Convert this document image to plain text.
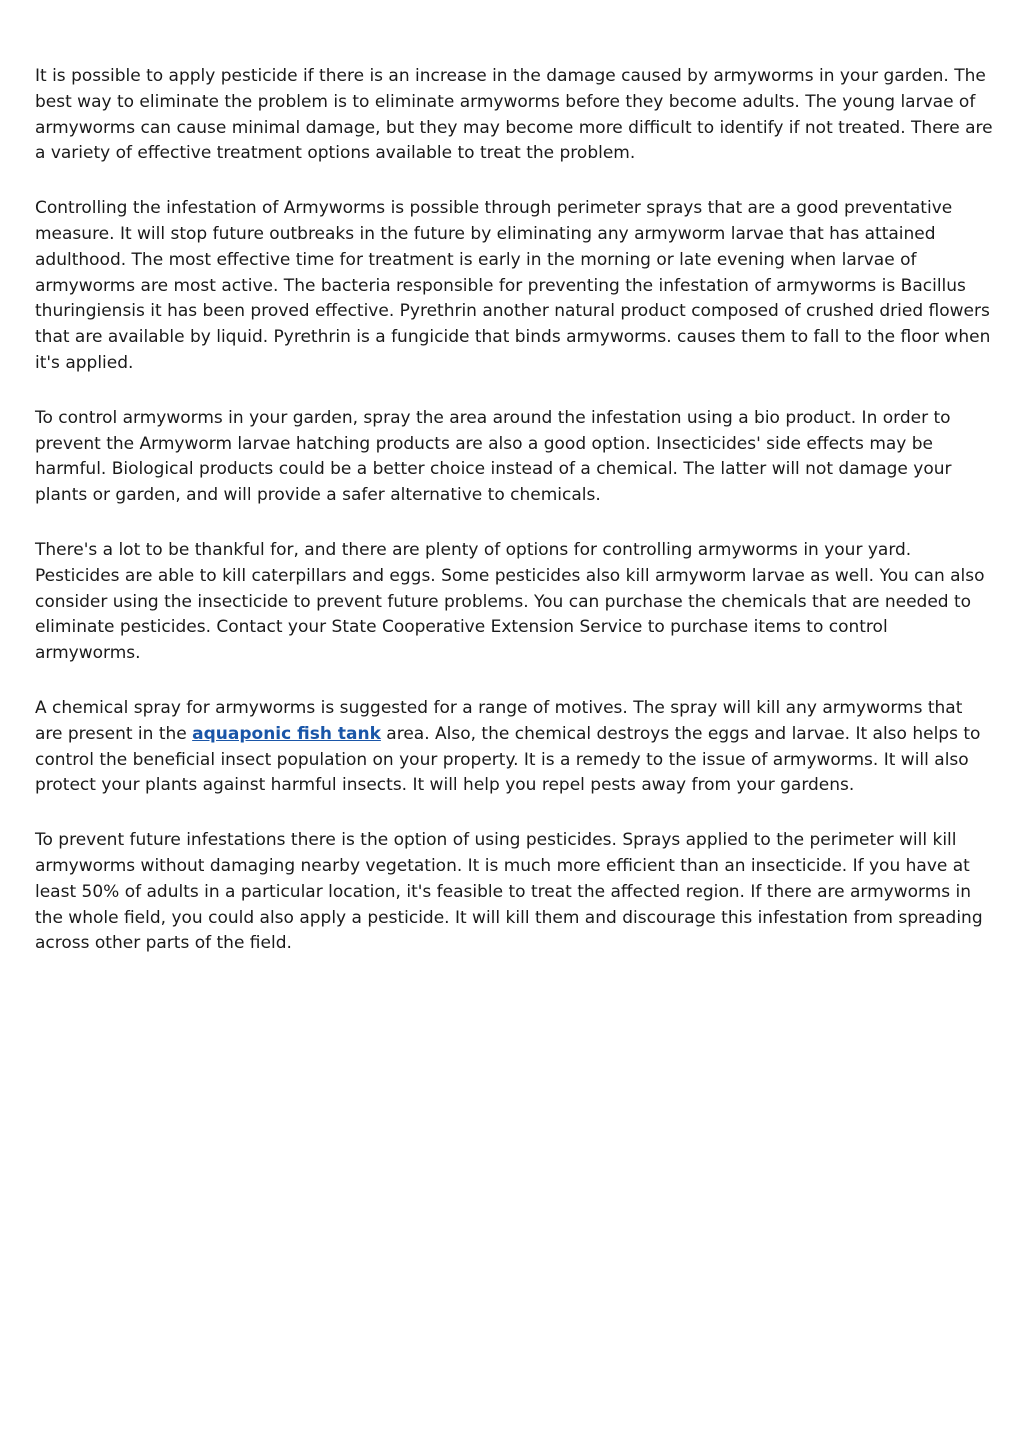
It is possible to apply pesticide if there is an increase in the damage caused by armyworms in your garden. The best way to eliminate the problem is to eliminate armyworms before they become adults. The young larvae of armyworms can cause minimal damage, but they may become more difficult to identify if not treated. There are a variety of effective treatment options available to treat the problem.

Controlling the infestation of Armyworms is possible through perimeter sprays that are a good preventative measure. It will stop future outbreaks in the future by eliminating any armyworm larvae that has attained adulthood. The most effective time for treatment is early in the morning or late evening when larvae of armyworms are most active. The bacteria responsible for preventing the infestation of armyworms is Bacillus thuringiensis it has been proved effective. Pyrethrin another natural product composed of crushed dried flowers that are available by liquid. Pyrethrin is a fungicide that binds armyworms. causes them to fall to the floor when it's applied.

To control armyworms in your garden, spray the area around the infestation using a bio product. In order to prevent the Armyworm larvae hatching products are also a good option. Insecticides' side effects may be harmful. Biological products could be a better choice instead of a chemical. The latter will not damage your plants or garden, and will provide a safer alternative to chemicals.

There's a lot to be thankful for, and there are plenty of options for controlling armyworms in your yard. Pesticides are able to kill caterpillars and eggs. Some pesticides also kill armyworm larvae as well. You can also consider using the insecticide to prevent future problems. You can purchase the chemicals that are needed to eliminate pesticides. Contact your State Cooperative Extension Service to purchase items to control armyworms.

A chemical spray for armyworms is suggested for a range of motives. The spray will kill any armyworms that are present in the aquaponic fish tank area. Also, the chemical destroys the eggs and larvae. It also helps to control the beneficial insect population on your property. It is a remedy to the issue of armyworms. It will also protect your plants against harmful insects. It will help you repel pests away from your gardens.

To prevent future infestations there is the option of using pesticides. Sprays applied to the perimeter will kill armyworms without damaging nearby vegetation. It is much more efficient than an insecticide. If you have at least 50% of adults in a particular location, it's feasible to treat the affected region. If there are armyworms in the whole field, you could also apply a pesticide. It will kill them and discourage this infestation from spreading across other parts of the field.
